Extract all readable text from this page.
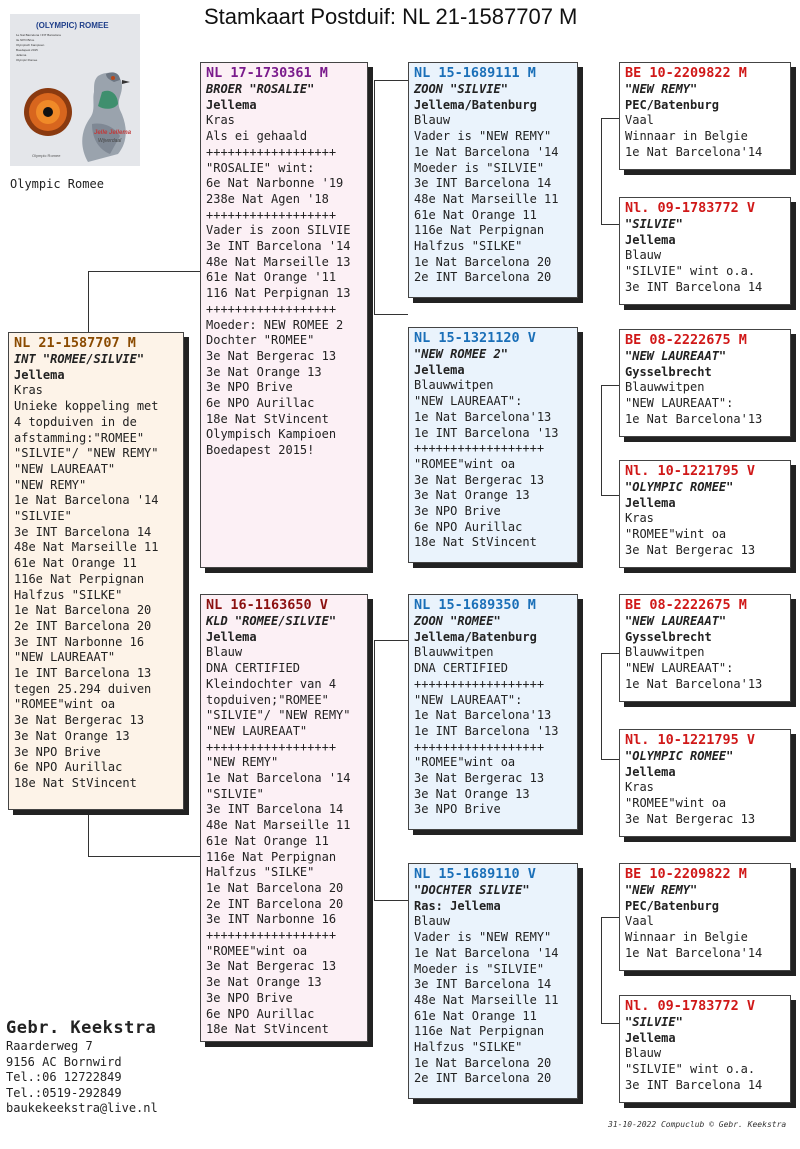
Stamkaart Postduif: NL 21-1587707 M
(OLYMPIC) ROMEE
1e Nat Barcelona / INT Barcelona
3e NPO Brive
Olympisch Kampioen
Boedapest 2015
Jellema
Olympic Romee
Jelle Jellema
Wijverdaal
Olympic Romee
Olympic Romee
NL 21-1587707 M
INT "ROMEE/SILVIE"
Jellema
Kras
Unieke koppeling met
4 topduiven in de
afstamming:"ROMEE"
"SILVIE"/ "NEW REMY"
"NEW LAUREAAT"
"NEW REMY"
1e Nat Barcelona '14
"SILVIE"
3e INT Barcelona 14
48e Nat Marseille 11
61e Nat Orange 11
116e Nat Perpignan
Halfzus "SILKE"
1e Nat Barcelona 20
2e INT Barcelona 20
3e INT Narbonne 16
"NEW LAUREAAT"
1e INT Barcelona 13
tegen 25.294 duiven
"ROMEE"wint oa
3e Nat Bergerac 13
3e Nat Orange 13
3e NPO Brive
6e NPO Aurillac
18e Nat StVincent
NL 17-1730361 M
BROER "ROSALIE"
Jellema
Kras
Als ei gehaald
++++++++++++++++++
"ROSALIE" wint:
6e Nat Narbonne '19
238e Nat Agen '18
++++++++++++++++++
Vader is zoon SILVIE
3e INT Barcelona '14
48e Nat Marseille 13
61e Nat Orange '11
116 Nat Perpignan 13
++++++++++++++++++
Moeder: NEW ROMEE 2
Dochter "ROMEE"
3e Nat Bergerac 13
3e Nat Orange 13
3e NPO Brive
6e NPO Aurillac
18e Nat StVincent
Olympisch Kampioen
Boedapest 2015!
NL 16-1163650 V
KLD "ROMEE/SILVIE"
Jellema
Blauw
DNA CERTIFIED
Kleindochter van 4
topduiven;"ROMEE"
"SILVIE"/ "NEW REMY"
"NEW LAUREAAT"
++++++++++++++++++
"NEW REMY"
1e Nat Barcelona '14
"SILVIE"
3e INT Barcelona 14
48e Nat Marseille 11
61e Nat Orange 11
116e Nat Perpignan
Halfzus "SILKE"
1e Nat Barcelona 20
2e INT Barcelona 20
3e INT Narbonne 16
++++++++++++++++++
"ROMEE"wint oa
3e Nat Bergerac 13
3e Nat Orange 13
3e NPO Brive
6e NPO Aurillac
18e Nat StVincent
NL 15-1689111 M
ZOON "SILVIE"
Jellema/Batenburg
Blauw
Vader is "NEW REMY"
1e Nat Barcelona '14
Moeder is "SILVIE"
3e INT Barcelona 14
48e Nat Marseille 11
61e Nat Orange 11
116e Nat Perpignan
Halfzus "SILKE"
1e Nat Barcelona 20
2e INT Barcelona 20
NL 15-1321120 V
"NEW ROMEE 2"
Jellema
Blauwwitpen
"NEW LAUREAAT":
1e Nat Barcelona'13
1e INT Barcelona '13
++++++++++++++++++
"ROMEE"wint oa
3e Nat Bergerac 13
3e Nat Orange 13
3e NPO Brive
6e NPO Aurillac
18e Nat StVincent
NL 15-1689350 M
ZOON "ROMEE"
Jellema/Batenburg
Blauwwitpen
DNA CERTIFIED
++++++++++++++++++
"NEW LAUREAAT":
1e Nat Barcelona'13
1e INT Barcelona '13
++++++++++++++++++
"ROMEE"wint oa
3e Nat Bergerac 13
3e Nat Orange 13
3e NPO Brive
NL 15-1689110 V
"DOCHTER SILVIE"
Ras: Jellema
Blauw
Vader is "NEW REMY"
1e Nat Barcelona '14
Moeder is "SILVIE"
3e INT Barcelona 14
48e Nat Marseille 11
61e Nat Orange 11
116e Nat Perpignan
Halfzus "SILKE"
1e Nat Barcelona 20
2e INT Barcelona 20
BE 10-2209822 M
"NEW REMY"
PEC/Batenburg
Vaal
Winnaar in Belgie
1e Nat Barcelona'14
Nl. 09-1783772 V
"SILVIE"
Jellema
Blauw
"SILVIE" wint o.a.
3e INT Barcelona 14
BE 08-2222675 M
"NEW LAUREAAT"
Gysselbrecht
Blauwwitpen
"NEW LAUREAAT":
1e Nat Barcelona'13
Nl. 10-1221795 V
"OLYMPIC ROMEE"
Jellema
Kras
"ROMEE"wint oa
3e Nat Bergerac 13
BE 08-2222675 M
"NEW LAUREAAT"
Gysselbrecht
Blauwwitpen
"NEW LAUREAAT":
1e Nat Barcelona'13
Nl. 10-1221795 V
"OLYMPIC ROMEE"
Jellema
Kras
"ROMEE"wint oa
3e Nat Bergerac 13
BE 10-2209822 M
"NEW REMY"
PEC/Batenburg
Vaal
Winnaar in Belgie
1e Nat Barcelona'14
Nl. 09-1783772 V
"SILVIE"
Jellema
Blauw
"SILVIE" wint o.a.
3e INT Barcelona 14
Gebr. Keekstra
Raarderweg 7
9156 AC Bornwird
Tel.:06 12722849
Tel.:0519-292849
baukekeekstra@live.nl
31-10-2022 Compuclub © Gebr. Keekstra
